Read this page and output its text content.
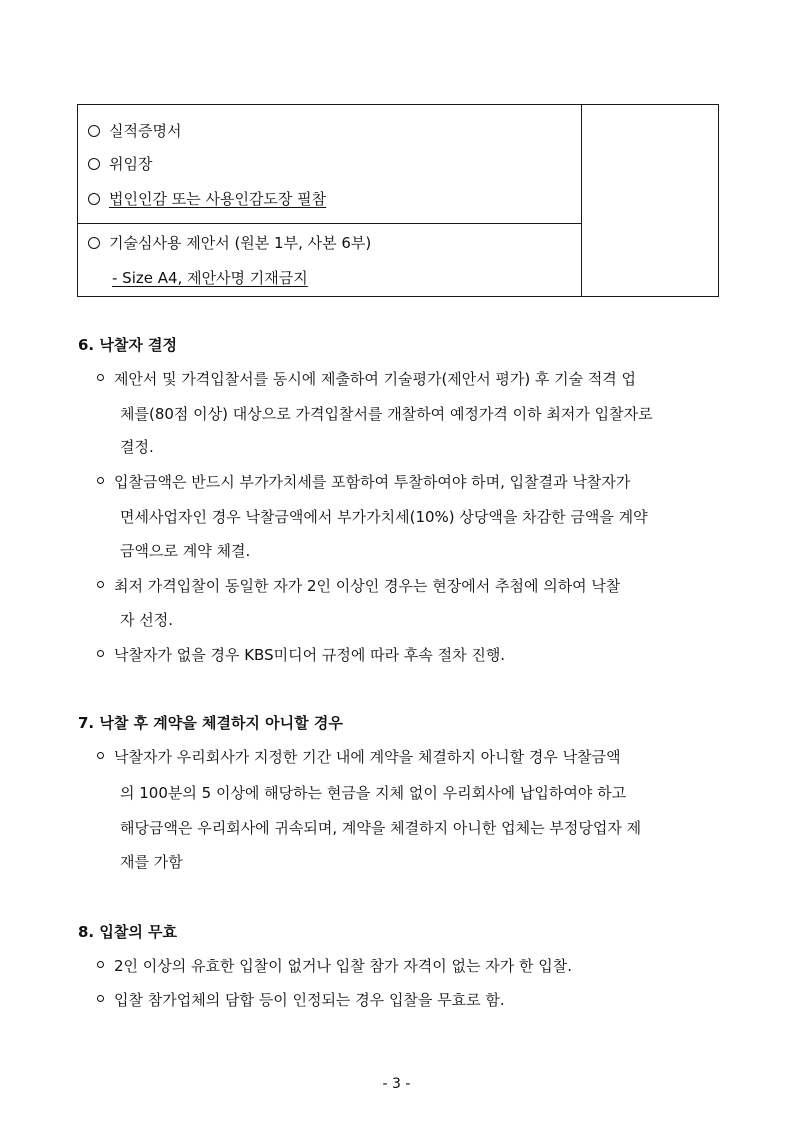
실적증명서
위임장
법인인감 또는 사용인감도장 필참
기술심사용 제안서 (원본 1부, 사본 6부)
- Size A4, 제안사명 기재금지
6. 낙찰자 결정
제안서 및 가격입찰서를 동시에 제출하여 기술평가(제안서 평가) 후 기술 적격 업
체를(80점 이상) 대상으로 가격입찰서를 개찰하여 예정가격 이하 최저가 입찰자로
결정.
입찰금액은 반드시 부가가치세를 포함하여 투찰하여야 하며, 입찰결과 낙찰자가
면세사업자인 경우 낙찰금액에서 부가가치세(10%) 상당액을 차감한 금액을 계약
금액으로 계약 체결.
최저 가격입찰이 동일한 자가 2인 이상인 경우는 현장에서 추첨에 의하여 낙찰
자 선정.
낙찰자가 없을 경우 KBS미디어 규정에 따라 후속 절차 진행.
7. 낙찰 후 계약을 체결하지 아니할 경우
낙찰자가 우리회사가 지정한 기간 내에 계약을 체결하지 아니할 경우 낙찰금액
의 100분의 5 이상에 해당하는 현금을 지체 없이 우리회사에 납입하여야 하고
해당금액은 우리회사에 귀속되며, 계약을 체결하지 아니한 업체는 부정당업자 제
재를 가함
8. 입찰의 무효
2인 이상의 유효한 입찰이 없거나 입찰 참가 자격이 없는 자가 한 입찰.
입찰 참가업체의 담합 등이 인정되는 경우 입찰을 무효로 함.
- 3 -
